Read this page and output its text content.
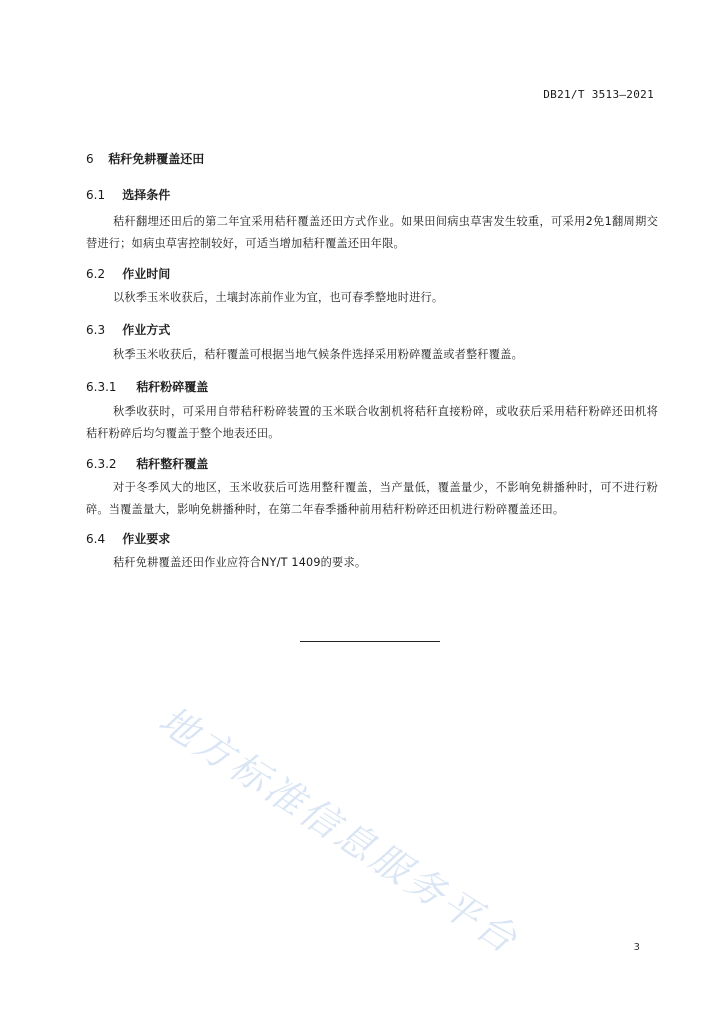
DB21/T 3513—2021
6 秸秆免耕覆盖还田
6.1 选择条件
秸秆翻埋还田后的第二年宜采用秸秆覆盖还田方式作业。如果田间病虫草害发生较重，可采用2免1翻周期交替进行；如病虫草害控制较好，可适当增加秸秆覆盖还田年限。
6.2 作业时间
以秋季玉米收获后，土壤封冻前作业为宜，也可春季整地时进行。
6.3 作业方式
秋季玉米收获后，秸秆覆盖可根据当地气候条件选择采用粉碎覆盖或者整秆覆盖。
6.3.1 秸秆粉碎覆盖
秋季收获时，可采用自带秸秆粉碎装置的玉米联合收割机将秸秆直接粉碎，或收获后采用秸秆粉碎还田机将秸秆粉碎后均匀覆盖于整个地表还田。
6.3.2 秸秆整秆覆盖
对于冬季风大的地区，玉米收获后可选用整秆覆盖，当产量低，覆盖量少，不影响免耕播种时，可不进行粉碎。当覆盖量大，影响免耕播种时，在第二年春季播种前用秸秆粉碎还田机进行粉碎覆盖还田。
6.4 作业要求
秸秆免耕覆盖还田作业应符合NY/T 1409的要求。
地方标准信息服务平台	3
